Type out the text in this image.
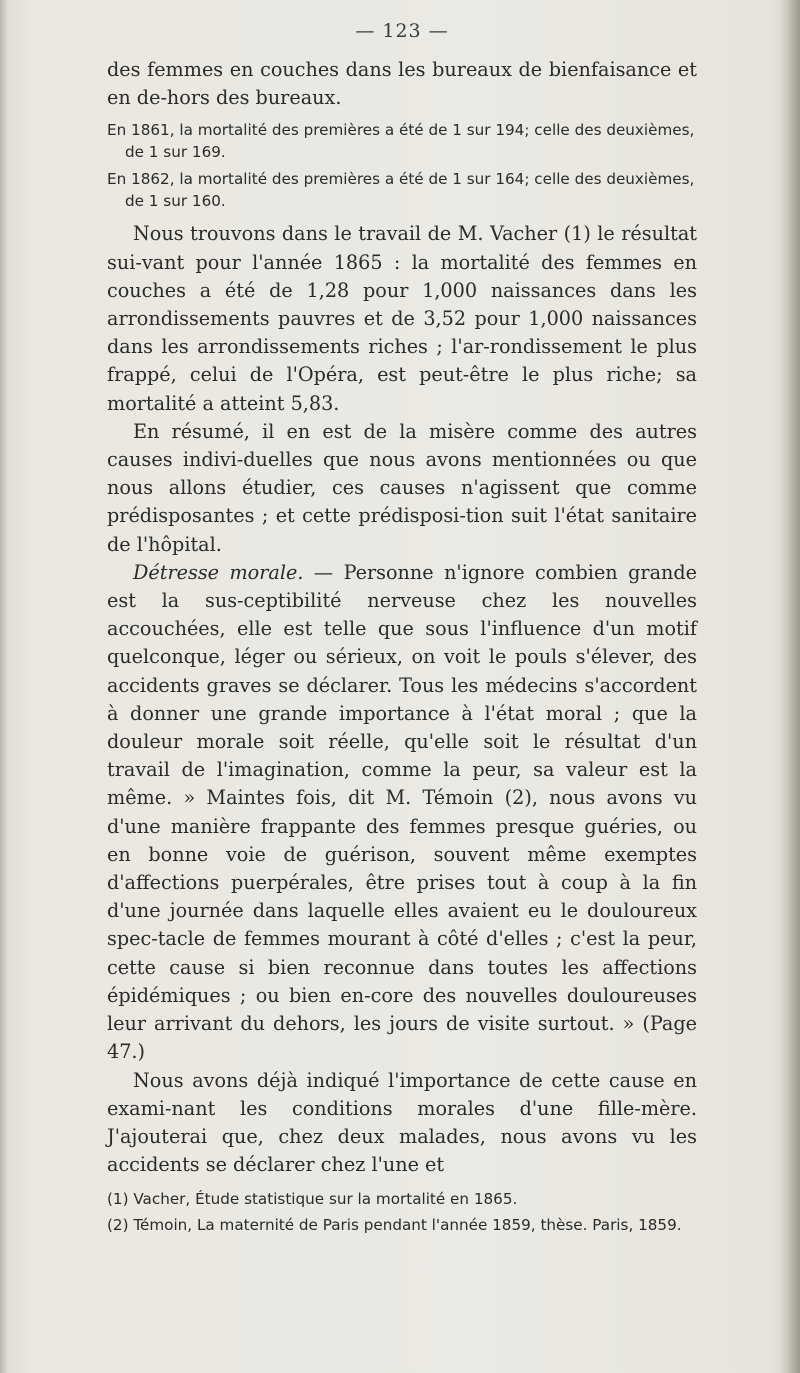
— 123 —

des femmes en couches dans les bureaux de bienfaisance et en de-hors des bureaux.

En 1861, la mortalité des premières a été de 1 sur 194; celle des deuxièmes, de 1 sur 169.

En 1862, la mortalité des premières a été de 1 sur 164; celle des deuxièmes, de 1 sur 160.

Nous trouvons dans le travail de M. Vacher (1) le résultat sui-vant pour l'année 1865 : la mortalité des femmes en couches a été de 1,28 pour 1,000 naissances dans les arrondissements pauvres et de 3,52 pour 1,000 naissances dans les arrondissements riches ; l'ar-rondissement le plus frappé, celui de l'Opéra, est peut-être le plus riche; sa mortalité a atteint 5,83.

En résumé, il en est de la misère comme des autres causes indivi-duelles que nous avons mentionnées ou que nous allons étudier, ces causes n'agissent que comme prédisposantes ; et cette prédisposi-tion suit l'état sanitaire de l'hôpital.

Détresse morale. — Personne n'ignore combien grande est la sus-ceptibilité nerveuse chez les nouvelles accouchées, elle est telle que sous l'influence d'un motif quelconque, léger ou sérieux, on voit le pouls s'élever, des accidents graves se déclarer. Tous les médecins s'accordent à donner une grande importance à l'état moral ; que la douleur morale soit réelle, qu'elle soit le résultat d'un travail de l'imagination, comme la peur, sa valeur est la même. » Maintes fois, dit M. Témoin (2), nous avons vu d'une manière frappante des femmes presque guéries, ou en bonne voie de guérison, souvent même exemptes d'affections puerpérales, être prises tout à coup à la fin d'une journée dans laquelle elles avaient eu le douloureux spec-tacle de femmes mourant à côté d'elles ; c'est la peur, cette cause si bien reconnue dans toutes les affections épidémiques ; ou bien en-core des nouvelles douloureuses leur arrivant du dehors, les jours de visite surtout. » (Page 47.)

Nous avons déjà indiqué l'importance de cette cause en exami-nant les conditions morales d'une fille-mère. J'ajouterai que, chez deux malades, nous avons vu les accidents se déclarer chez l'une et

(1) Vacher, Étude statistique sur la mortalité en 1865.

(2) Témoin, La maternité de Paris pendant l'année 1859, thèse. Paris, 1859.
